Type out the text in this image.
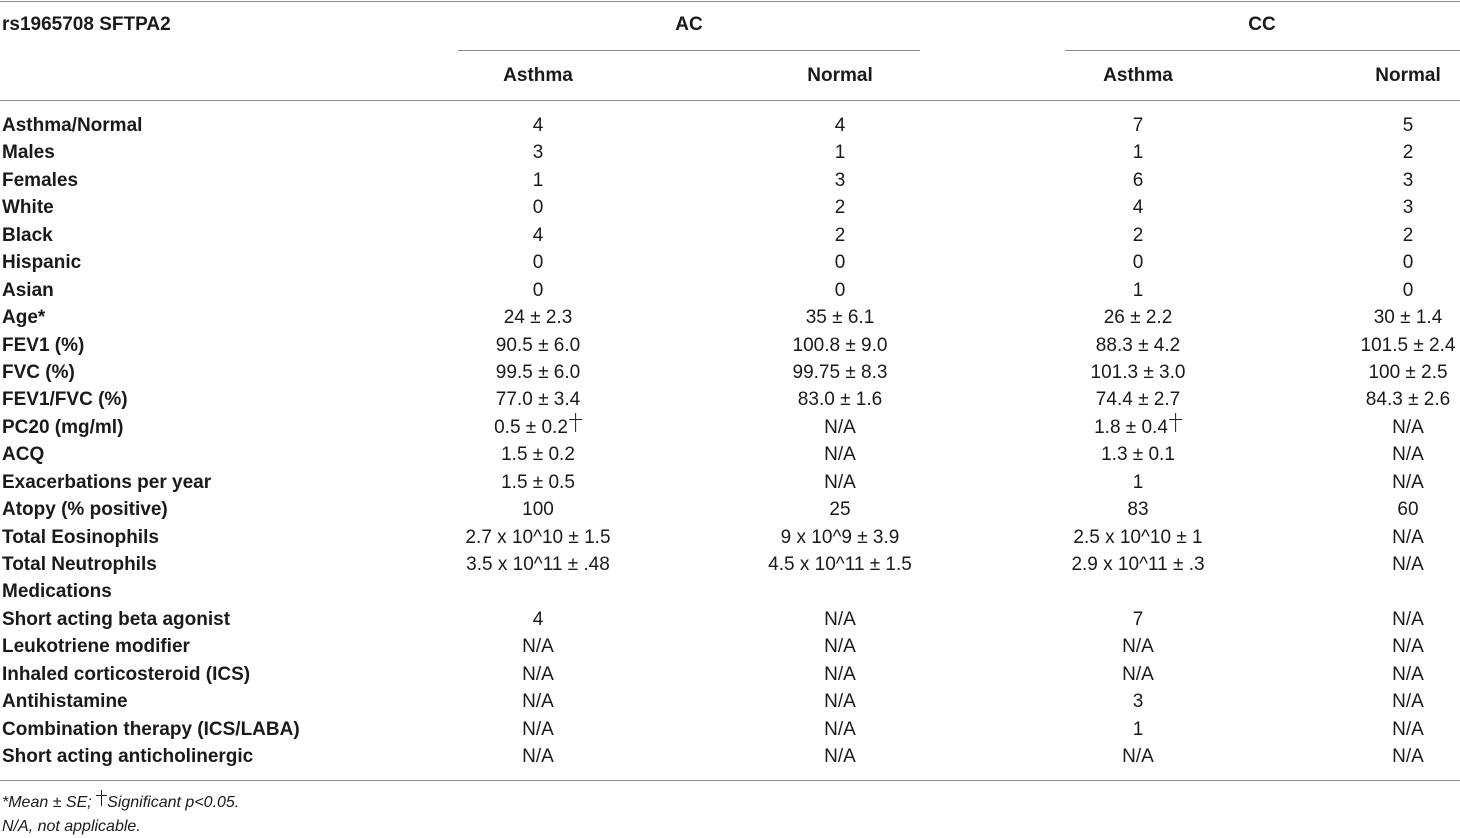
rs1965708 SFTPA2	AC	CC
Asthma	Normal	Asthma	Normal
Asthma/Normal	4	4	7	5
Males	3	1	1	2
Females	1	3	6	3
White	0	2	4	3
Black	4	2	2	2
Hispanic	0	0	0	0
Asian	0	0	1	0
Age*	24 ± 2.3	35 ± 6.1	26 ± 2.2	30 ± 1.4
FEV1 (%)	90.5 ± 6.0	100.8 ± 9.0	88.3 ± 4.2	101.5 ± 2.4
FVC (%)	99.5 ± 6.0	99.75 ± 8.3	101.3 ± 3.0	100 ± 2.5
FEV1/FVC (%)	77.0 ± 3.4	83.0 ± 1.6	74.4 ± 2.7	84.3 ± 2.6
PC20 (mg/ml)	0.5 ± 0.2	N/A	1.8 ± 0.4	N/A
ACQ	1.5 ± 0.2	N/A	1.3 ± 0.1	N/A
Exacerbations per year	1.5 ± 0.5	N/A	1	N/A
Atopy (% positive)	100	25	83	60
Total Eosinophils	2.7 x 10^10 ± 1.5	9 x 10^9 ± 3.9	2.5 x 10^10 ± 1	N/A
Total Neutrophils	3.5 x 10^11 ± .48	4.5 x 10^11 ± 1.5	2.9 x 10^11 ± .3	N/A
Medications
Short acting beta agonist	4	N/A	7	N/A
Leukotriene modifier	N/A	N/A	N/A	N/A
Inhaled corticosteroid (ICS)	N/A	N/A	N/A	N/A
Antihistamine	N/A	N/A	3	N/A
Combination therapy (ICS/LABA)	N/A	N/A	1	N/A
Short acting anticholinergic	N/A	N/A	N/A	N/A
*Mean ± SE; Significant p<0.05.
N/A, not applicable.
